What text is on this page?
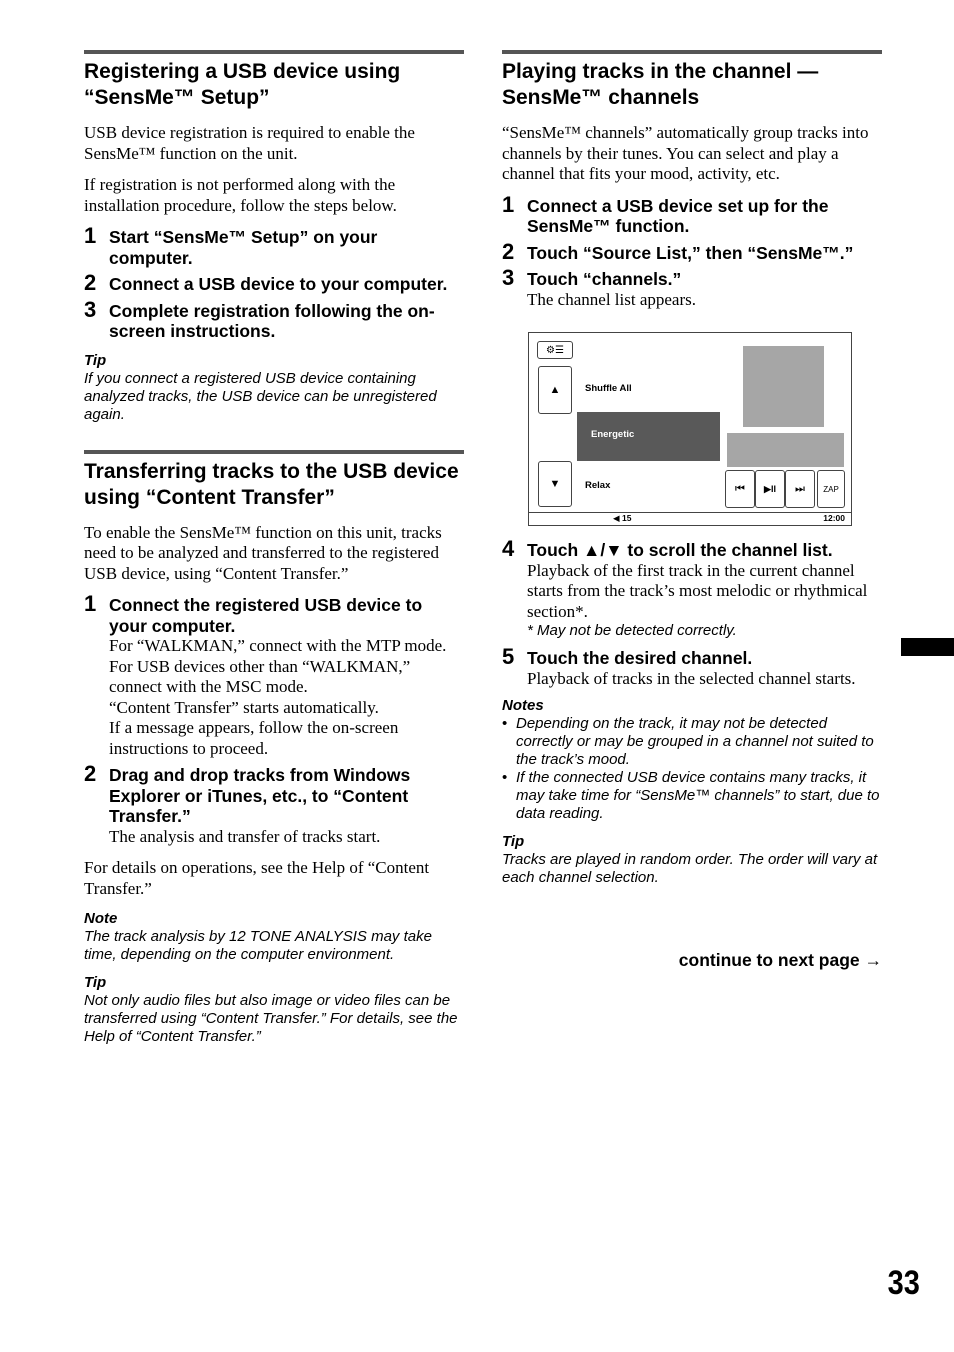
Registering a USB device using “SensMe™ Setup”

USB device registration is required to enable the SensMe™ function on the unit.

If registration is not performed along with the installation procedure, follow the steps below.

1 Start “SensMe™ Setup” on your computer.
2 Connect a USB device to your computer.
3 Complete registration following the on-screen instructions.
Tip
If you connect a registered USB device containing analyzed tracks, the USB device can be unregistered again.
Transferring tracks to the USB device using “Content Transfer”

To enable the SensMe™ function on this unit, tracks need to be analyzed and transferred to the registered USB device, using “Content Transfer.”

1 Connect the registered USB device to your computer.
For “WALKMAN,” connect with the MTP mode.
For USB devices other than “WALKMAN,” connect with the MSC mode.
“Content Transfer” starts automatically.
If a message appears, follow the on-screen instructions to proceed.
2 Drag and drop tracks from Windows Explorer or iTunes, etc., to “Content Transfer.”
The analysis and transfer of tracks start.

For details on operations, see the Help of “Content Transfer.”

Note
The track analysis by 12 TONE ANALYSIS may take time, depending on the computer environment.
Tip
Not only audio files but also image or video files can be transferred using “Content Transfer.” For details, see the Help of “Content Transfer.”
Playing tracks in the channel — SensMe™ channels

“SensMe™ channels” automatically group tracks into channels by their tunes. You can select and play a channel that fits your mood, activity, etc.

1 Connect a USB device set up for the SensMe™ function.
2 Touch “Source List,” then “SensMe™.”
3 Touch “channels.”
The channel list appears.
⚙☰
▲
▼
Shuffle All
Energetic
Relax	⏮	▶II	⏭	ZAP
◀ 15	12:00
4 Touch ▲/▼ to scroll the channel list.
Playback of the first track in the current channel starts from the track’s most melodic or rhythmical section*.
* May not be detected correctly.
5 Touch the desired channel.
Playback of tracks in the selected channel starts.
Notes
• Depending on the track, it may not be detected correctly or may be grouped in a channel not suited to the track’s mood.
• If the connected USB device contains many tracks, it may take time for “SensMe™ channels” to start, due to data reading.
Tip
Tracks are played in random order. The order will vary at each channel selection.
continue to next page →
33
